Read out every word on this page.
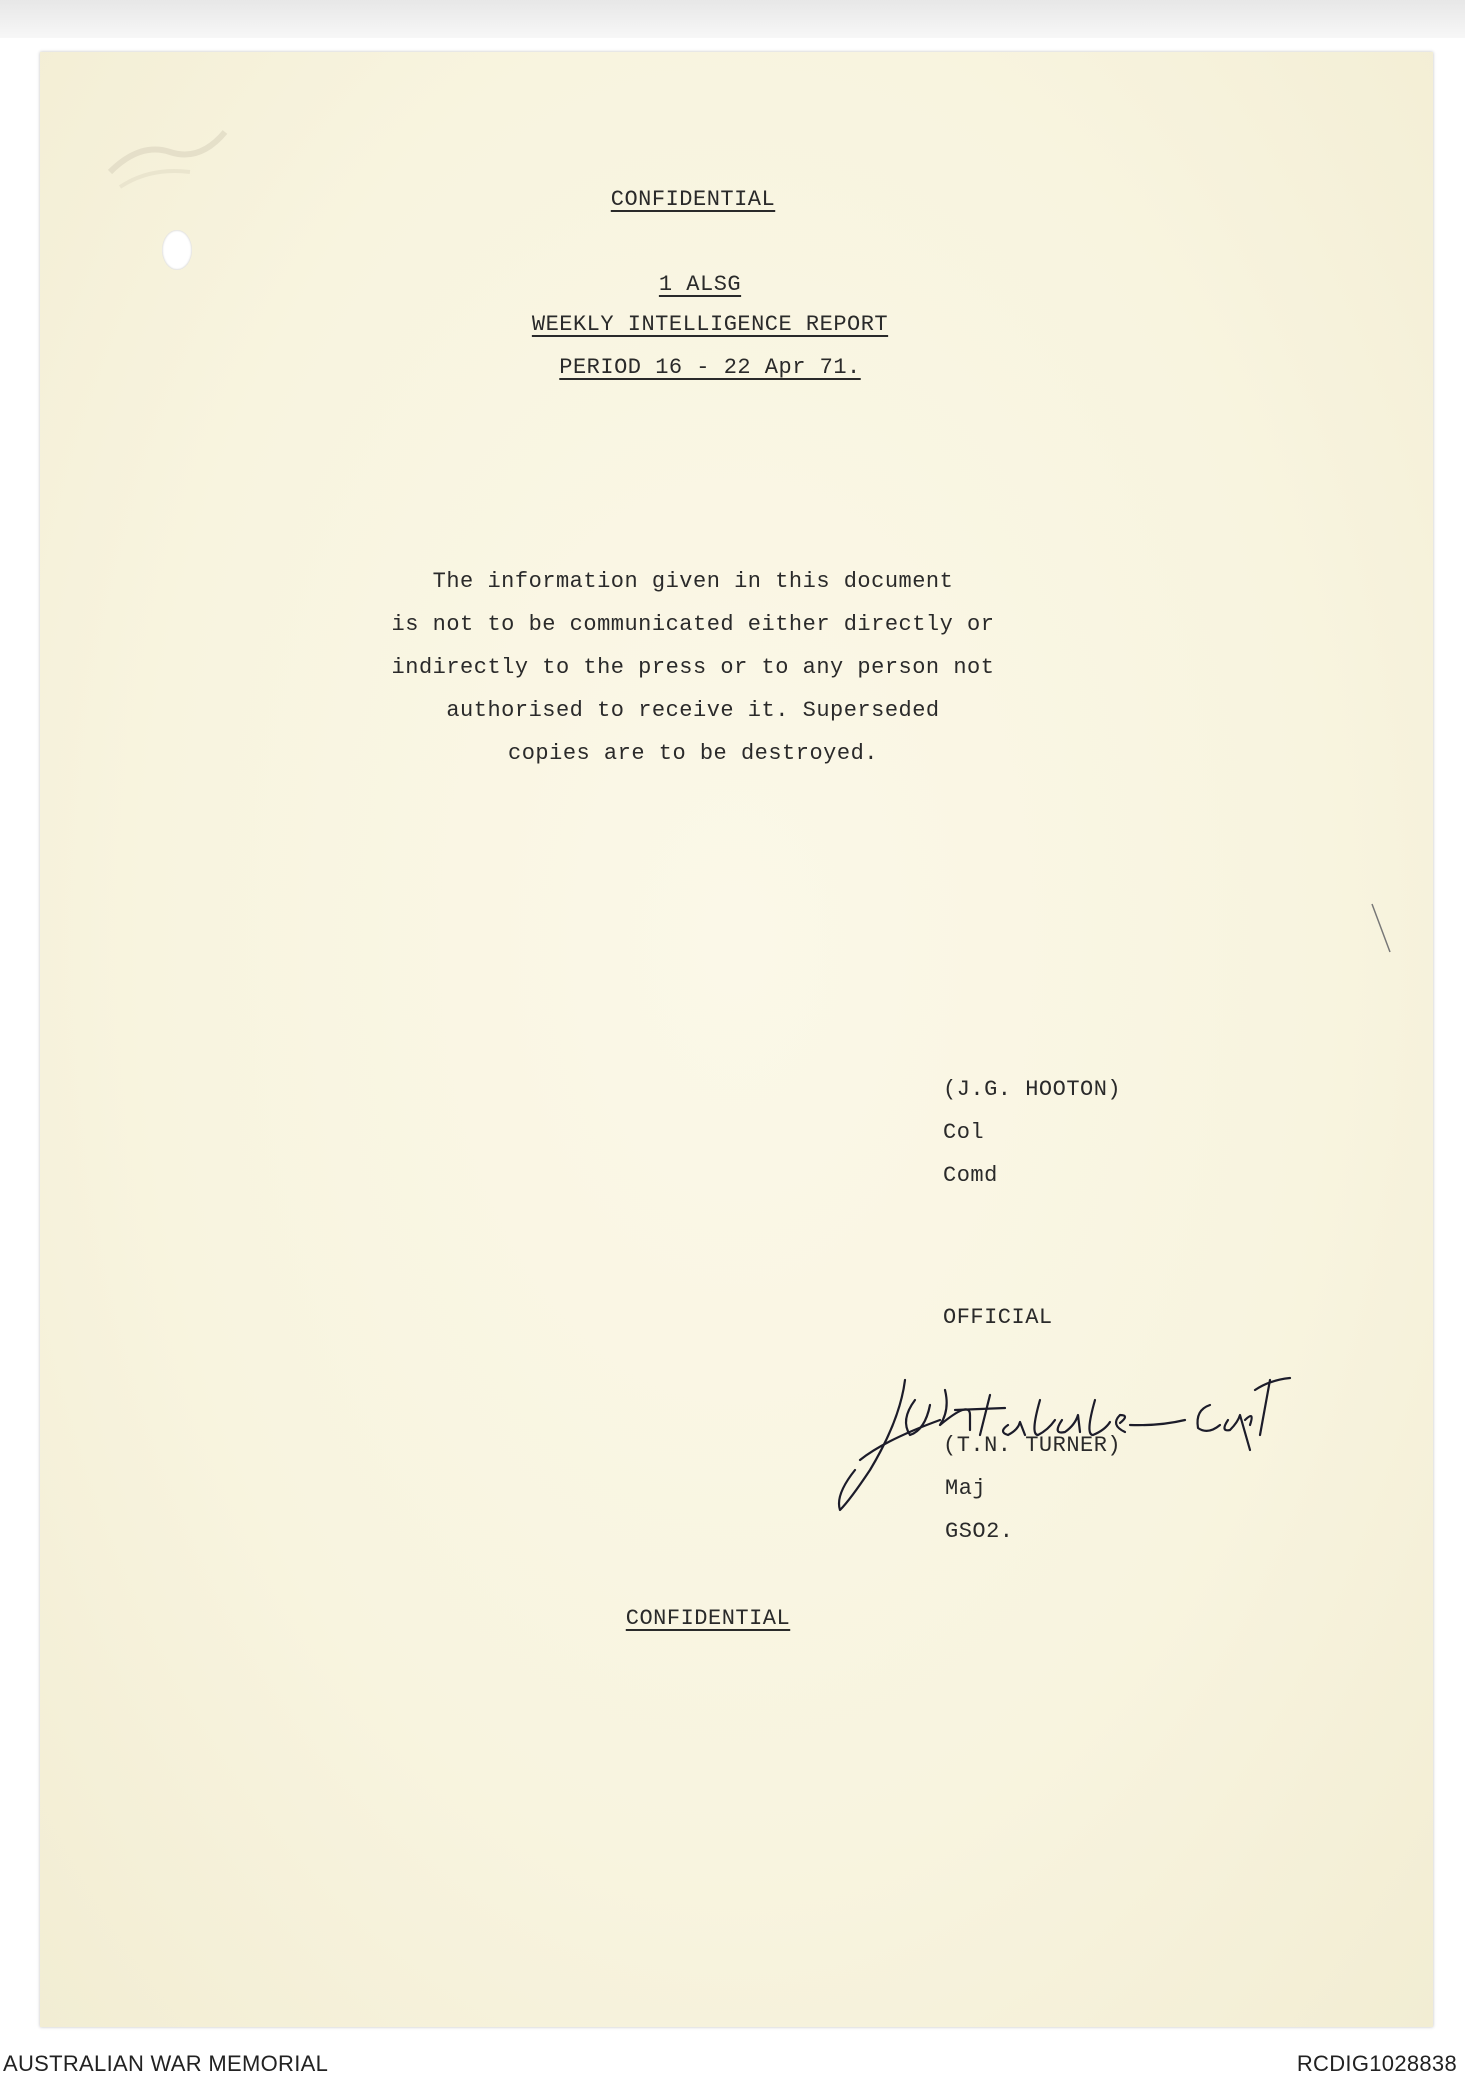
CONFIDENTIAL
1 ALSG
WEEKLY INTELLIGENCE REPORT
PERIOD 16 - 22 Apr 71.
The information given in this document
is not to be communicated either directly or
indirectly to the press or to any person not
authorised to receive it. Superseded
copies are to be destroyed.
(J.G. HOOTON)
Col
Comd
OFFICIAL
(T.N. TURNER)
Maj
GSO2.
CONFIDENTIAL
AUSTRALIAN WAR MEMORIAL	RCDIG1028838
